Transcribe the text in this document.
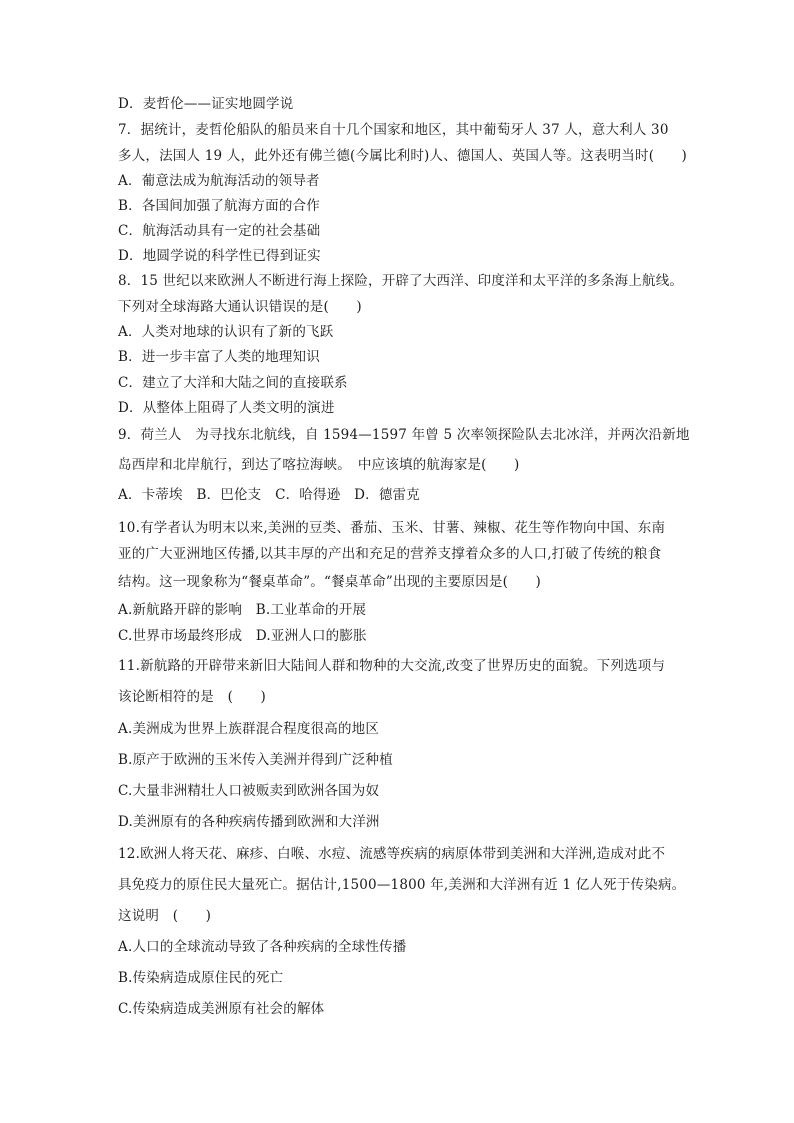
D．麦哲伦——证实地圆学说
7．据统计，麦哲伦船队的船员来自十几个国家和地区，其中葡萄牙人 37 人，意大利人 30
多人，法国人 19 人，此外还有佛兰德(今属比利时)人、德国人、英国人等。这表明当时(　　)
A．葡意法成为航海活动的领导者
B．各国间加强了航海方面的合作
C．航海活动具有一定的社会基础
D．地圆学说的科学性已得到证实
8．15 世纪以来欧洲人不断进行海上探险，开辟了大西洋、印度洋和太平洋的多条海上航线。
下列对全球海路大通认识错误的是(　　)
A．人类对地球的认识有了新的飞跃
B．进一步丰富了人类的地理知识
C．建立了大洋和大陆之间的直接联系
D．从整体上阻碍了人类文明的演进
9．荷兰人　为寻找东北航线，自 1594—1597 年曾 5 次率领探险队去北冰洋，并两次沿新地
岛西岸和北岸航行，到达了喀拉海峡。　中应该填的航海家是(　　)
A．卡蒂埃　B．巴伦支　C．哈得逊　D．德雷克
10.有学者认为明末以来,美洲的豆类、番茄、玉米、甘薯、辣椒、花生等作物向中国、东南
亚的广大亚洲地区传播,以其丰厚的产出和充足的营养支撑着众多的人口,打破了传统的粮食
结构。这一现象称为“餐桌革命”。“餐桌革命”出现的主要原因是(　　)
A.新航路开辟的影响　B.工业革命的开展
C.世界市场最终形成　D.亚洲人口的膨胀
11.新航路的开辟带来新旧大陆间人群和物种的大交流,改变了世界历史的面貌。下列选项与
该论断相符的是　(　　)
A.美洲成为世界上族群混合程度很高的地区
B.原产于欧洲的玉米传入美洲并得到广泛种植
C.大量非洲精壮人口被贩卖到欧洲各国为奴
D.美洲原有的各种疾病传播到欧洲和大洋洲
12.欧洲人将天花、麻疹、白喉、水痘、流感等疾病的病原体带到美洲和大洋洲,造成对此不
具免疫力的原住民大量死亡。据估计,1500—1800 年,美洲和大洋洲有近 1 亿人死于传染病。
这说明　(　　)
A.人口的全球流动导致了各种疾病的全球性传播
B.传染病造成原住民的死亡
C.传染病造成美洲原有社会的解体
